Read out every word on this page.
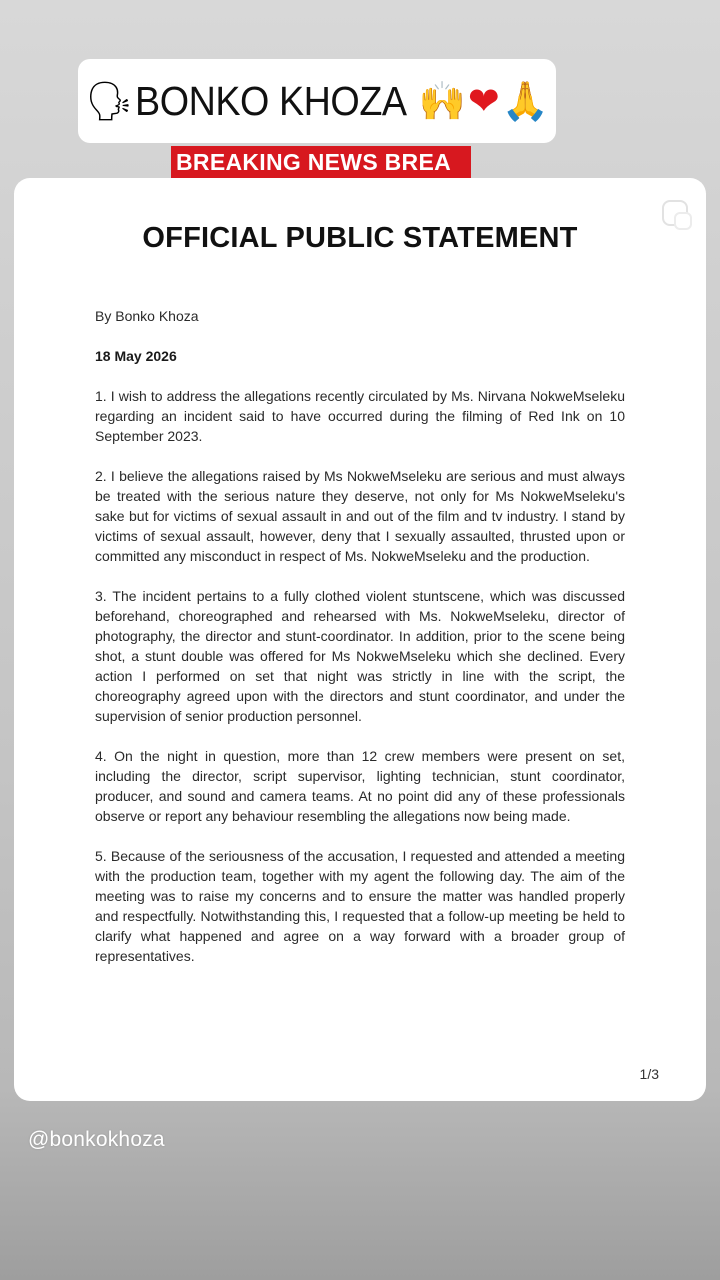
🗣 BONKO KHOZA 🙌 ❤ 🙏
BREAKING NEWS BREA
OFFICIAL PUBLIC STATEMENT

By Bonko Khoza

18 May 2026

1. I wish to address the allegations recently circulated by Ms. Nirvana NokweMseleku regarding an incident said to have occurred during the filming of Red Ink on 10 September 2023.

2. I believe the allegations raised by Ms NokweMseleku are serious and must always be treated with the serious nature they deserve, not only for Ms NokweMseleku's sake but for victims of sexual assault in and out of the film and tv industry. I stand by victims of sexual assault, however, deny that I sexually assaulted, thrusted upon or committed any misconduct in respect of Ms. NokweMseleku and the production.

3. The incident pertains to a fully clothed violent stuntscene, which was discussed beforehand, choreographed and rehearsed with Ms. NokweMseleku, director of photography, the director and stunt-coordinator. In addition, prior to the scene being shot, a stunt double was offered for Ms NokweMseleku which she declined. Every action I performed on set that night was strictly in line with the script, the choreography agreed upon with the directors and stunt coordinator, and under the supervision of senior production personnel.

4. On the night in question, more than 12 crew members were present on set, including the director, script supervisor, lighting technician, stunt coordinator, producer, and sound and camera teams. At no point did any of these professionals observe or report any behaviour resembling the allegations now being made.

5. Because of the seriousness of the accusation, I requested and attended a meeting with the production team, together with my agent the following day. The aim of the meeting was to raise my concerns and to ensure the matter was handled properly and respectfully. Notwithstanding this, I requested that a follow-up meeting be held to clarify what happened and agree on a way forward with a broader group of representatives.

1/3
@bonkokhoza
